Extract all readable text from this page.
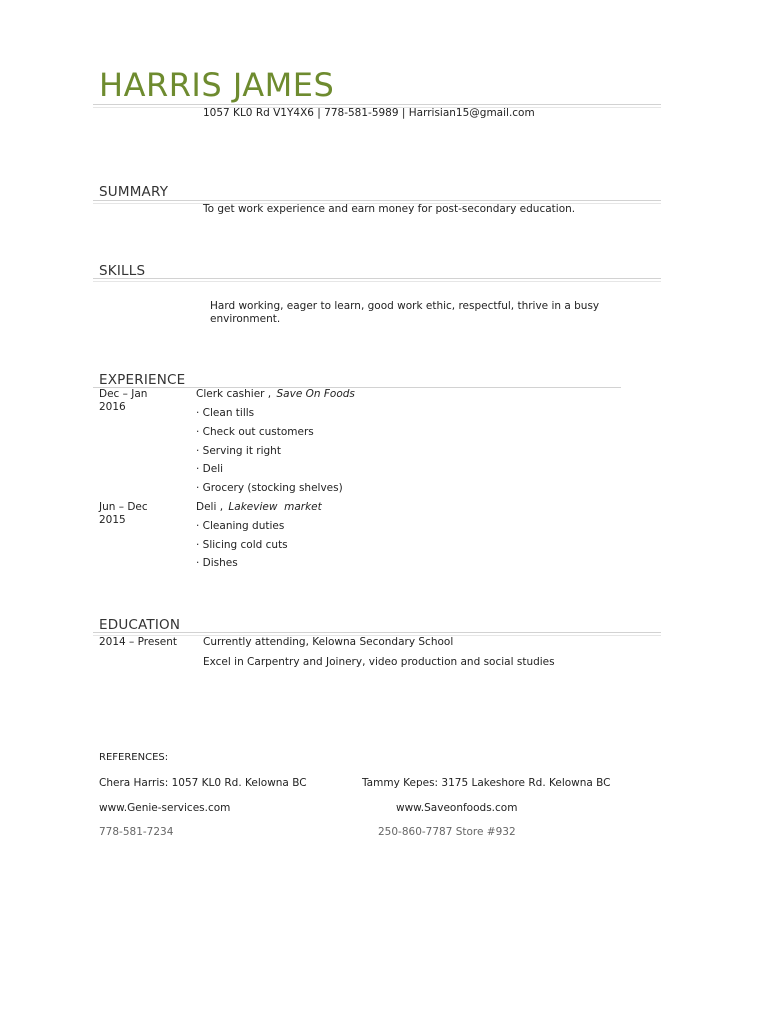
HARRIS JAMES
1057 KL0 Rd V1Y4X6 | 778-581-5989 | Harrisian15@gmail.com
SUMMARY
To get work experience and earn money for post-secondary education.
SKILLS
Hard working, eager to learn, good work ethic, respectful, thrive in a busy
environment.
EXPERIENCE
Dec – Jan
2016
Clerk cashier , Save On Foods
· Clean tills
· Check out customers
· Serving it right
· Deli
· Grocery (stocking shelves)
Jun – Dec
2015
Deli , Lakeview  market
· Cleaning duties
· Slicing cold cuts
· Dishes
EDUCATION
2014 – Present Currently attending, Kelowna Secondary School
Excel in Carpentry and Joinery, video production and social studies
REFERENCES:
Chera Harris: 1057 KL0 Rd. Kelowna BC
www.Genie-services.com
778-581-7234
Tammy Kepes: 3175 Lakeshore Rd. Kelowna BC
www.Saveonfoods.com
250-860-7787 Store #932
